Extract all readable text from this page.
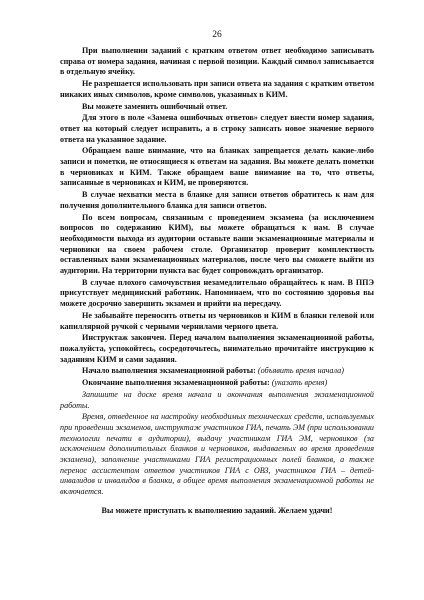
26

При выполнении заданий с кратким ответом ответ необходимо записывать справа от номера задания, начиная с первой позиции. Каждый символ записывается в отдельную ячейку.

Не разрешается использовать при записи ответа на задания с кратким ответом никаких иных символов, кроме символов, указанных в КИМ.

Вы можете заменить ошибочный ответ.

Для этого в поле «Замена ошибочных ответов» следует внести номер задания, ответ на который следует исправить, а в строку записать новое значение верного ответа на указанное задание.

Обращаем ваше внимание, что на бланках запрещается делать какие-либо записи и пометки, не относящиеся к ответам на задания. Вы можете делать пометки в черновиках и КИМ. Также обращаем ваше внимание на то, что ответы, записанные в черновиках и КИМ, не проверяются.

В случае нехватки места в бланке для записи ответов обратитесь к нам для получения дополнительного бланка для записи ответов.

По всем вопросам, связанным с проведением экзамена (за исключением вопросов по содержанию КИМ), вы можете обращаться к нам. В случае необходимости выхода из аудитории оставьте ваши экзаменационные материалы и черновики на своем рабочем столе. Организатор проверит комплектность оставленных вами экзаменационных материалов, после чего вы сможете выйти из аудитории. На территории пункта вас будет сопровождать организатор.

В случае плохого самочувствия незамедлительно обращайтесь к нам. В ППЭ присутствует медицинский работник. Напоминаем, что по состоянию здоровья вы можете досрочно завершить экзамен и прийти на пересдачу.

Не забывайте переносить ответы из черновиков и КИМ в бланки гелевой или капиллярной ручкой с черными чернилами черного цвета.

Инструктаж закончен. Перед началом выполнения экзаменационной работы, пожалуйста, успокойтесь, сосредоточьтесь, внимательно прочитайте инструкцию к заданиям КИМ и сами задания.

Начало выполнения экзаменационной работы: (объявить время начала)

Окончание выполнения экзаменационной работы: (указать время)

Запишите на доске время начала и окончания выполнения экзаменационной работы.

Время, отведенное на настройку необходимых технических средств, используемых при проведении экзаменов, инструктаж участников ГИА, печать ЭМ (при использовании технологии печати в аудитории), выдачу участникам ГИА ЭМ, черновиков (за исключением дополнительных бланков и черновиков, выдаваемых во время проведения экзамена), заполнение участниками ГИА регистрационных полей бланков, а также перенос ассистентом ответов участников ГИА с ОВЗ, участников ГИА – детей-инвалидов и инвалидов в бланки, в общее время выполнения экзаменационной работы не включается.

Вы можете приступать к выполнению заданий. Желаем удачи!
